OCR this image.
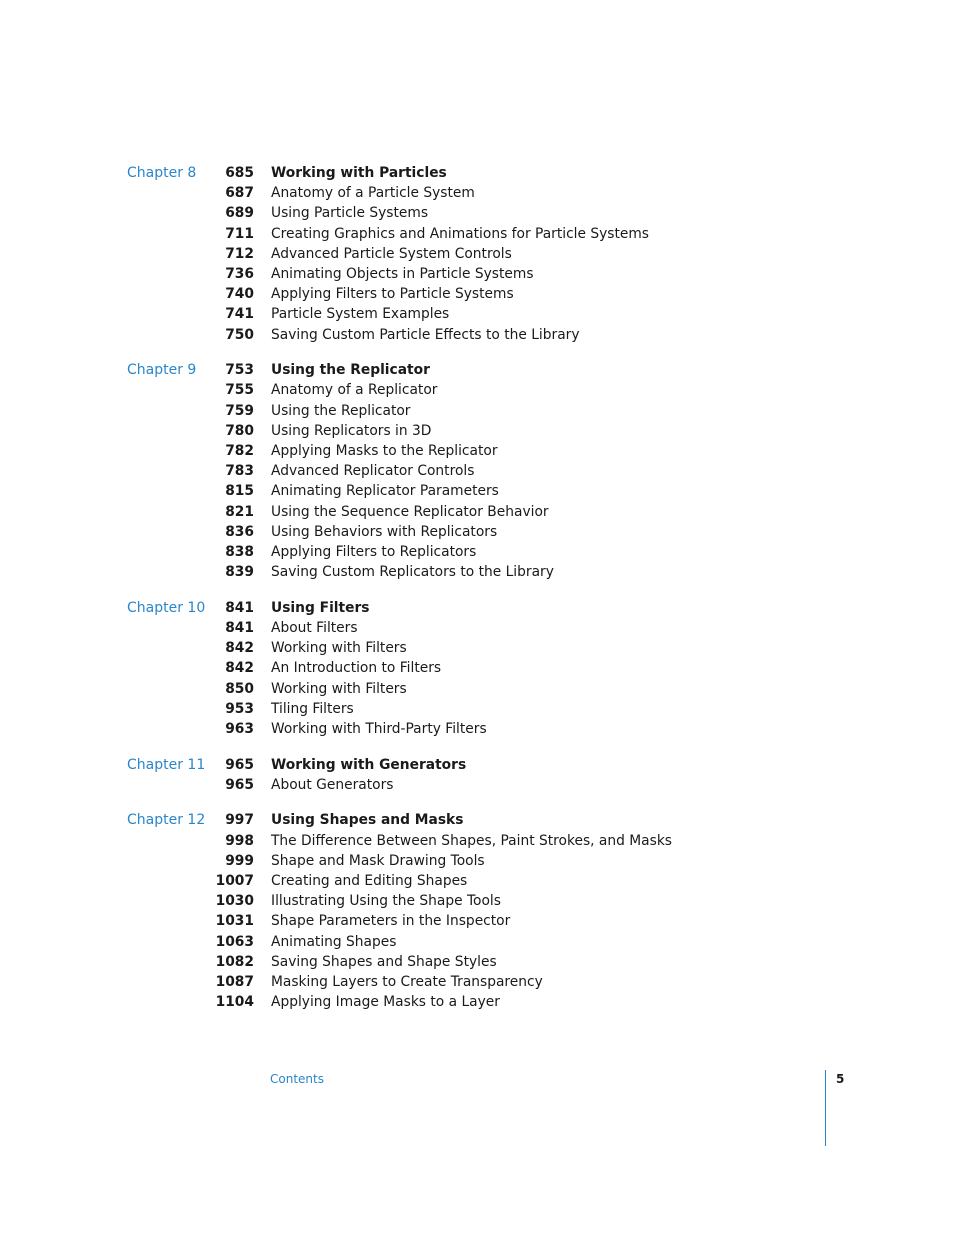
Chapter 8	685 Working with Particles
687 Anatomy of a Particle System
689 Using Particle Systems
711 Creating Graphics and Animations for Particle Systems
712 Advanced Particle System Controls
736 Animating Objects in Particle Systems
740 Applying Filters to Particle Systems
741 Particle System Examples
750 Saving Custom Particle Effects to the Library
Chapter 9	753 Using the Replicator
755 Anatomy of a Replicator
759 Using the Replicator
780 Using Replicators in 3D
782 Applying Masks to the Replicator
783 Advanced Replicator Controls
815 Animating Replicator Parameters
821 Using the Sequence Replicator Behavior
836 Using Behaviors with Replicators
838 Applying Filters to Replicators
839 Saving Custom Replicators to the Library
Chapter 10	841 Using Filters
841 About Filters
842 Working with Filters
842 An Introduction to Filters
850 Working with Filters
953 Tiling Filters
963 Working with Third-Party Filters
Chapter 11	965 Working with Generators
965 About Generators
Chapter 12	997 Using Shapes and Masks
998 The Difference Between Shapes, Paint Strokes, and Masks
999 Shape and Mask Drawing Tools
1007 Creating and Editing Shapes
1030 Illustrating Using the Shape Tools
1031 Shape Parameters in the Inspector
1063 Animating Shapes
1082 Saving Shapes and Shape Styles
1087 Masking Layers to Create Transparency
1104 Applying Image Masks to a Layer
Contents	5
